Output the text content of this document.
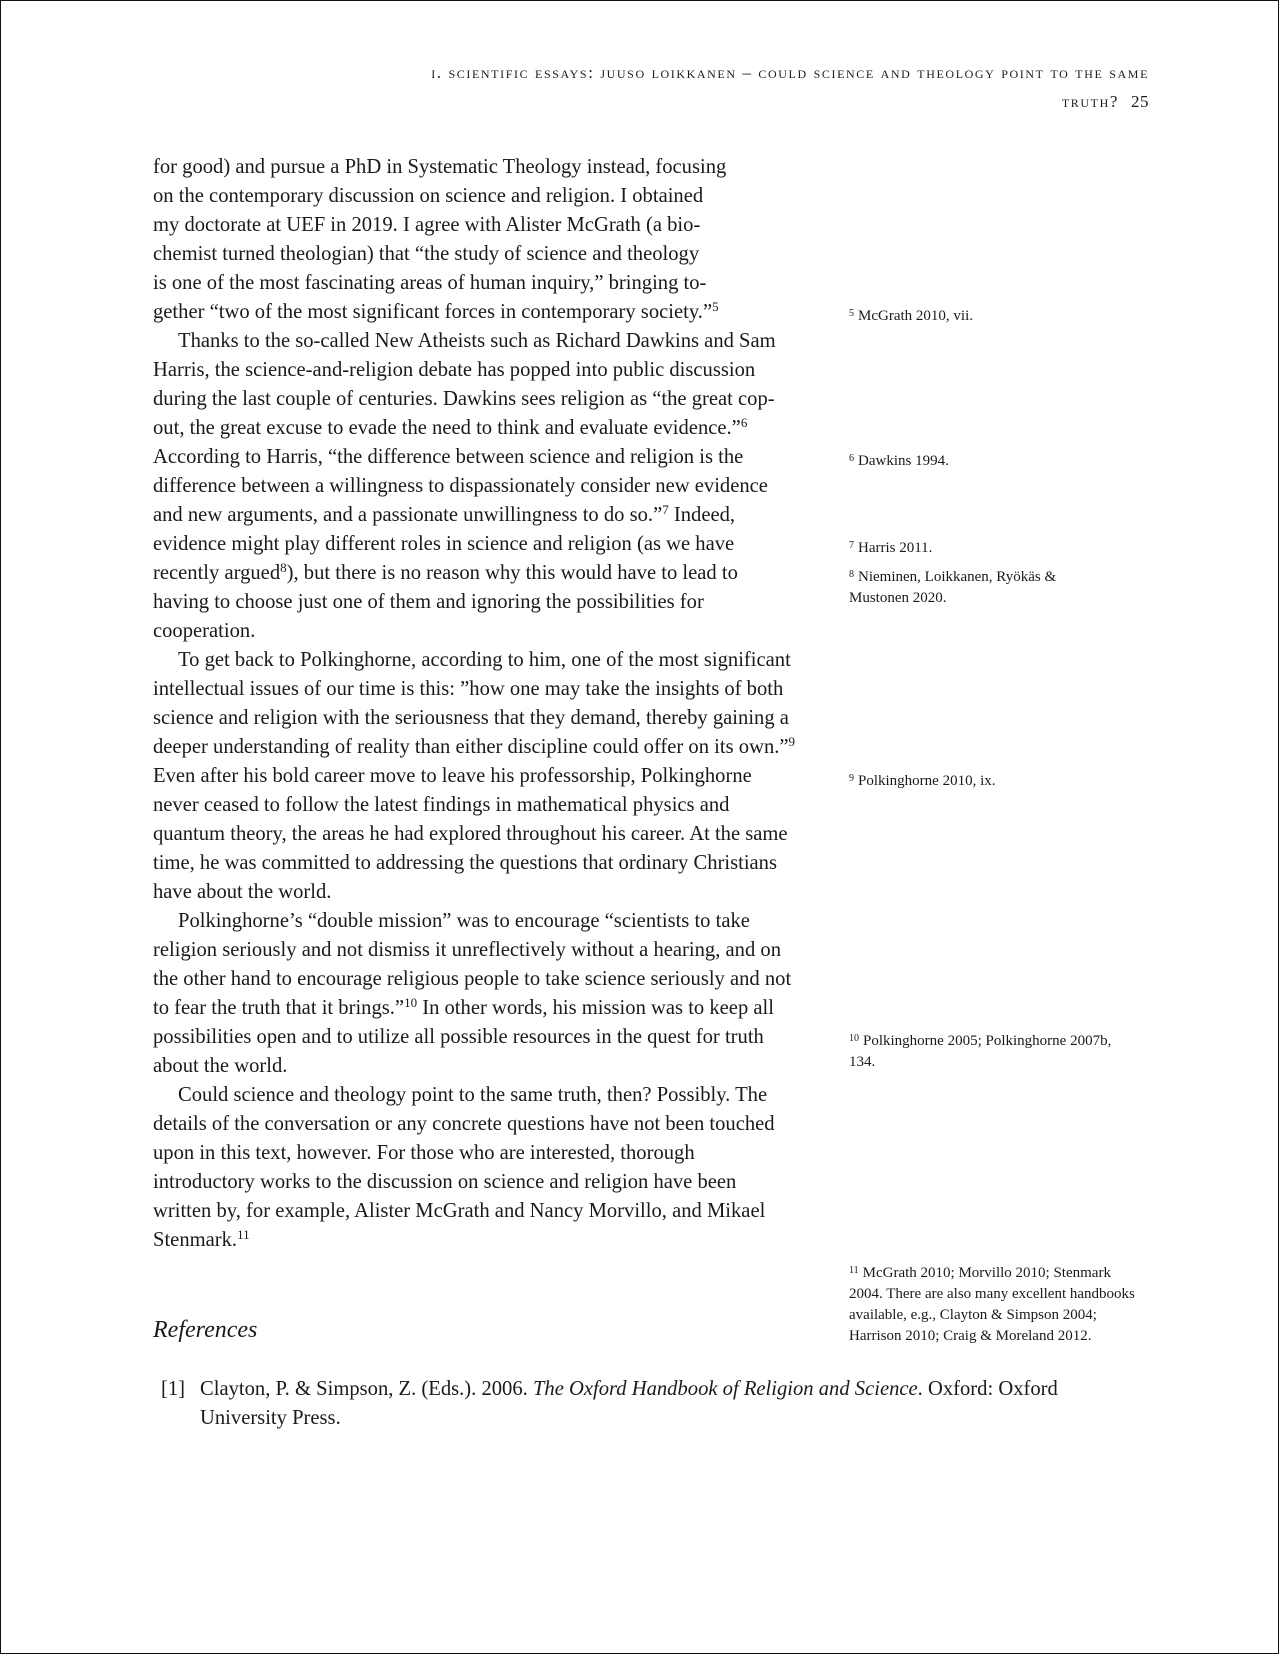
i. scientific essays: juuso loikkanen – could science and theology point to the same
truth? 25

for good) and pursue a PhD in Systematic Theology instead, focusing
on the contemporary discussion on science and religion. I obtained
my doctorate at UEF in 2019. I agree with Alister McGrath (a bio-
chemist turned theologian) that “the study of science and theology
is one of the most fascinating areas of human inquiry,” bringing to-
gether “two of the most significant forces in contemporary society.”$^5$

Thanks to the so-called New Atheists such as Richard Dawkins and Sam Harris, the science-and-religion debate has popped into public discussion during the last couple of centuries. Dawkins sees religion as “the great cop-out, the great excuse to evade the need to think and evaluate evidence.”$^6$ According to Harris, “the difference between science and religion is the difference between a willingness to dispassionately consider new evidence and new arguments, and a passionate unwillingness to do so.”$^7$ Indeed, evidence might play different roles in science and religion (as we have recently argued$^8$), but there is no reason why this would have to lead to having to choose just one of them and ignoring the possibilities for cooperation.

To get back to Polkinghorne, according to him, one of the most significant intellectual issues of our time is this: ”how one may take the insights of both science and religion with the seriousness that they demand, thereby gaining a deeper understanding of reality than either discipline could offer on its own.”$^9$ Even after his bold career move to leave his professorship, Polkinghorne never ceased to follow the latest findings in mathematical physics and quantum theory, the areas he had explored throughout his career. At the same time, he was committed to addressing the questions that ordinary Christians have about the world.

Polkinghorne’s “double mission” was to encourage “scientists to take religion seriously and not dismiss it unreflectively without a hearing, and on the other hand to encourage religious people to take science seriously and not to fear the truth that it brings.”$^{10}$ In other words, his mission was to keep all possibilities open and to utilize all possible resources in the quest for truth about the world.

Could science and theology point to the same truth, then? Possibly. The details of the conversation or any concrete questions have not been touched upon in this text, however. For those who are interested, thorough introductory works to the discussion on science and religion have been written by, for example, Alister McGrath and Nancy Morvillo, and Mikael Stenmark.$^{11}$

$^5$ McGrath 2010, vii.
$^6$ Dawkins 1994.
$^7$ Harris 2011.
$^8$ Nieminen, Loikkanen, Ryökäs & Mustonen 2020.
$^9$ Polkinghorne 2010, ix.
$^{10}$ Polkinghorne 2005; Polkinghorne 2007b, 134.
$^{11}$ McGrath 2010; Morvillo 2010; Stenmark 2004. There are also many excellent handbooks available, e.g., Clayton & Simpson 2004; Harrison 2010; Craig & Moreland 2012.
References
[1] Clayton, P. & Simpson, Z. (Eds.). 2006. The Oxford Handbook of Religion and Science. Oxford: Oxford University Press.
